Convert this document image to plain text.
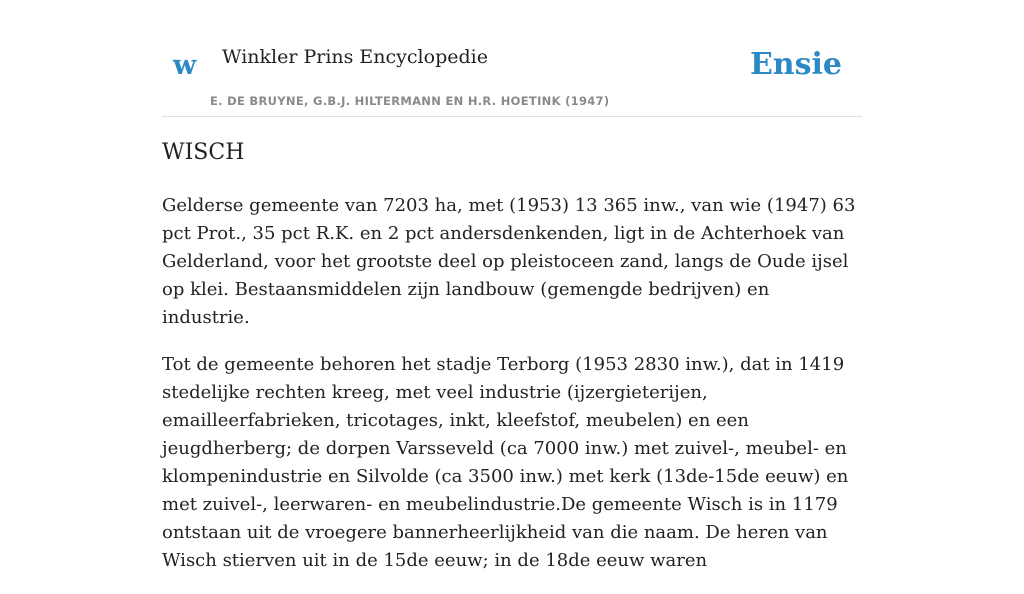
w Winkler Prins Encyclopedie
E. DE BRUYNE, G.B.J. HILTERMANN EN H.R. HOETINK (1947)
Ensie
WISCH

Gelderse gemeente van 7203 ha, met (1953) 13 365 inw., van wie (1947) 63 pct Prot., 35 pct R.K. en 2 pct andersdenkenden, ligt in de Achterhoek van Gelderland, voor het grootste deel op pleistoceen zand, langs de Oude ijsel op klei. Bestaansmiddelen zijn landbouw (gemengde bedrijven) en industrie.

Tot de gemeente behoren het stadje Terborg (1953 2830 inw.), dat in 1419 stedelijke rechten kreeg, met veel industrie (ijzergieterijen, emailleerfabrieken, tricotages, inkt, kleefstof, meubelen) en een jeugdherberg; de dorpen Varsseveld (ca 7000 inw.) met zuivel-, meubel- en klompenindustrie en Silvolde (ca 3500 inw.) met kerk (13de-15de eeuw) en met zuivel-, leerwaren- en meubelindustrie.De gemeente Wisch is in 1179 ontstaan uit de vroegere bannerheerlijkheid van die naam. De heren van Wisch stierven uit in de 15de eeuw; in de 18de eeuw waren
